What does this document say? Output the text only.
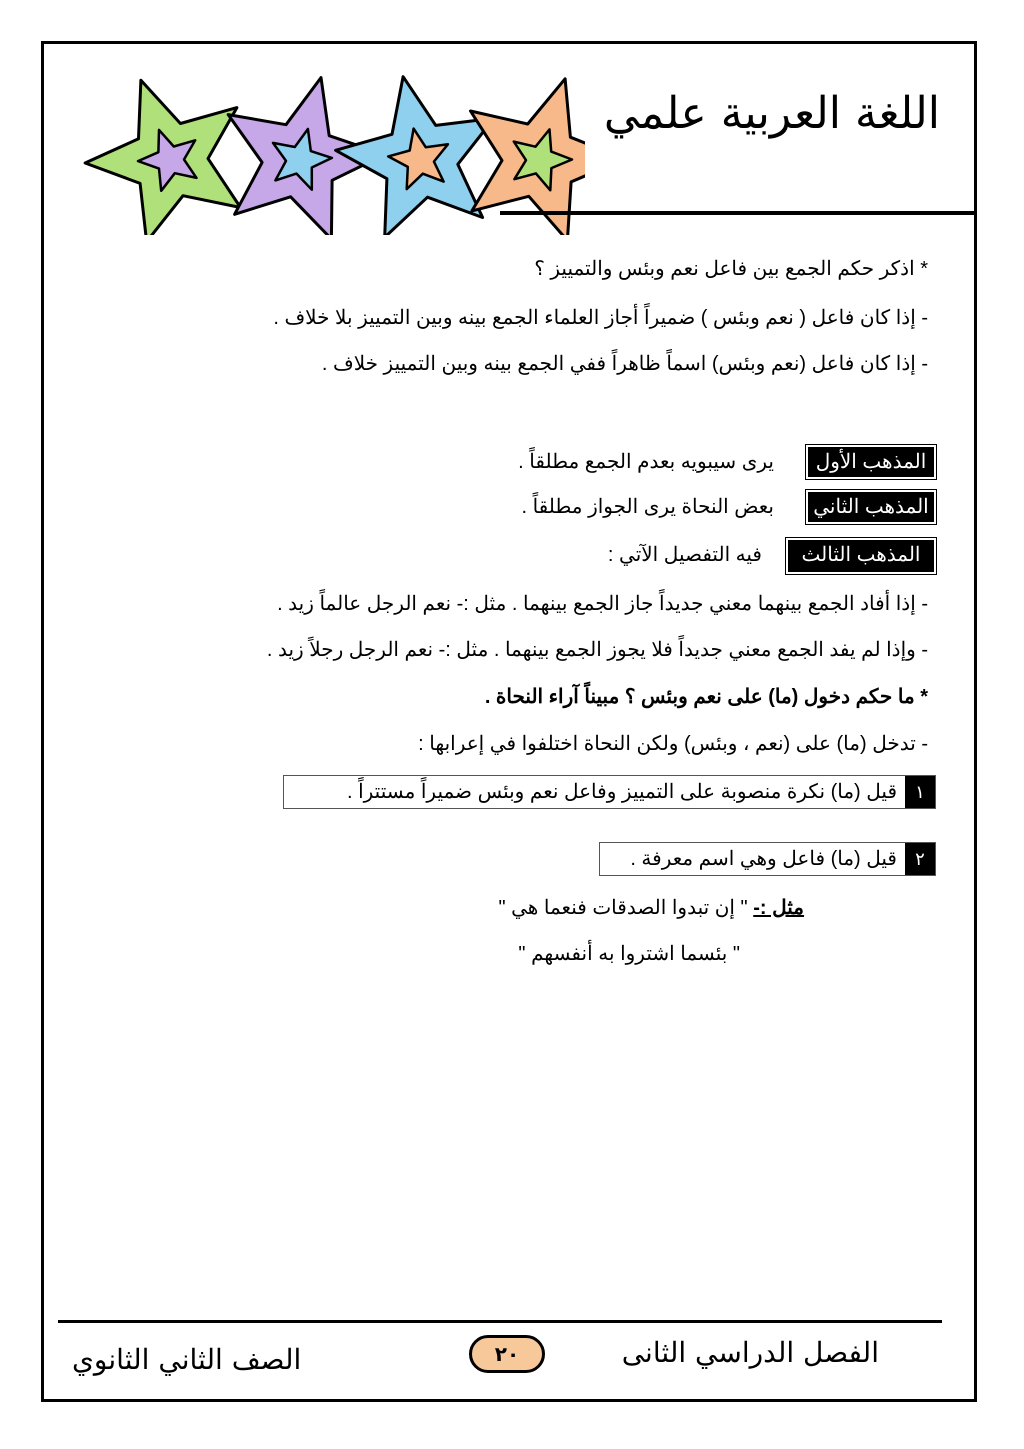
اللغة العربية علمي
* اذكر حكم الجمع بين فاعل نعم وبئس والتمييز ؟
- إذا كان فاعل ( نعم وبئس ) ضميراً أجاز العلماء الجمع بينه وبين التمييز بلا خلاف .
- إذا كان فاعل (نعم وبئس) اسماً ظاهراً ففي الجمع بينه وبين التمييز خلاف .
المذهب الأول
يرى سيبويه بعدم الجمع مطلقاً .
المذهب الثاني
بعض النحاة يرى الجواز مطلقاً .
المذهب الثالث
فيه التفصيل الآتي :
- إذا أفاد الجمع بينهما معني جديداً جاز الجمع بينهما . مثل :- نعم الرجل عالماً زيد .
- وإذا لم يفد الجمع معني جديداً فلا يجوز الجمع بينهما . مثل :- نعم الرجل رجلاً زيد .
* ما حكم دخول (ما) على نعم وبئس ؟ مبيناً آراء النحاة .
- تدخل (ما) على (نعم ، وبئس) ولكن النحاة اختلفوا في إعرابها :
١
قيل (ما) نكرة منصوبة على التمييز وفاعل نعم وبئس ضميراً مستتراً .
٢
قيل (ما) فاعل وهي اسم معرفة .
مثل :- " إن تبدوا الصدقات فنعما هي "
" بئسما اشتروا به أنفسهم "
الفصل الدراسي الثانى
٢٠
الصف الثاني الثانوي
